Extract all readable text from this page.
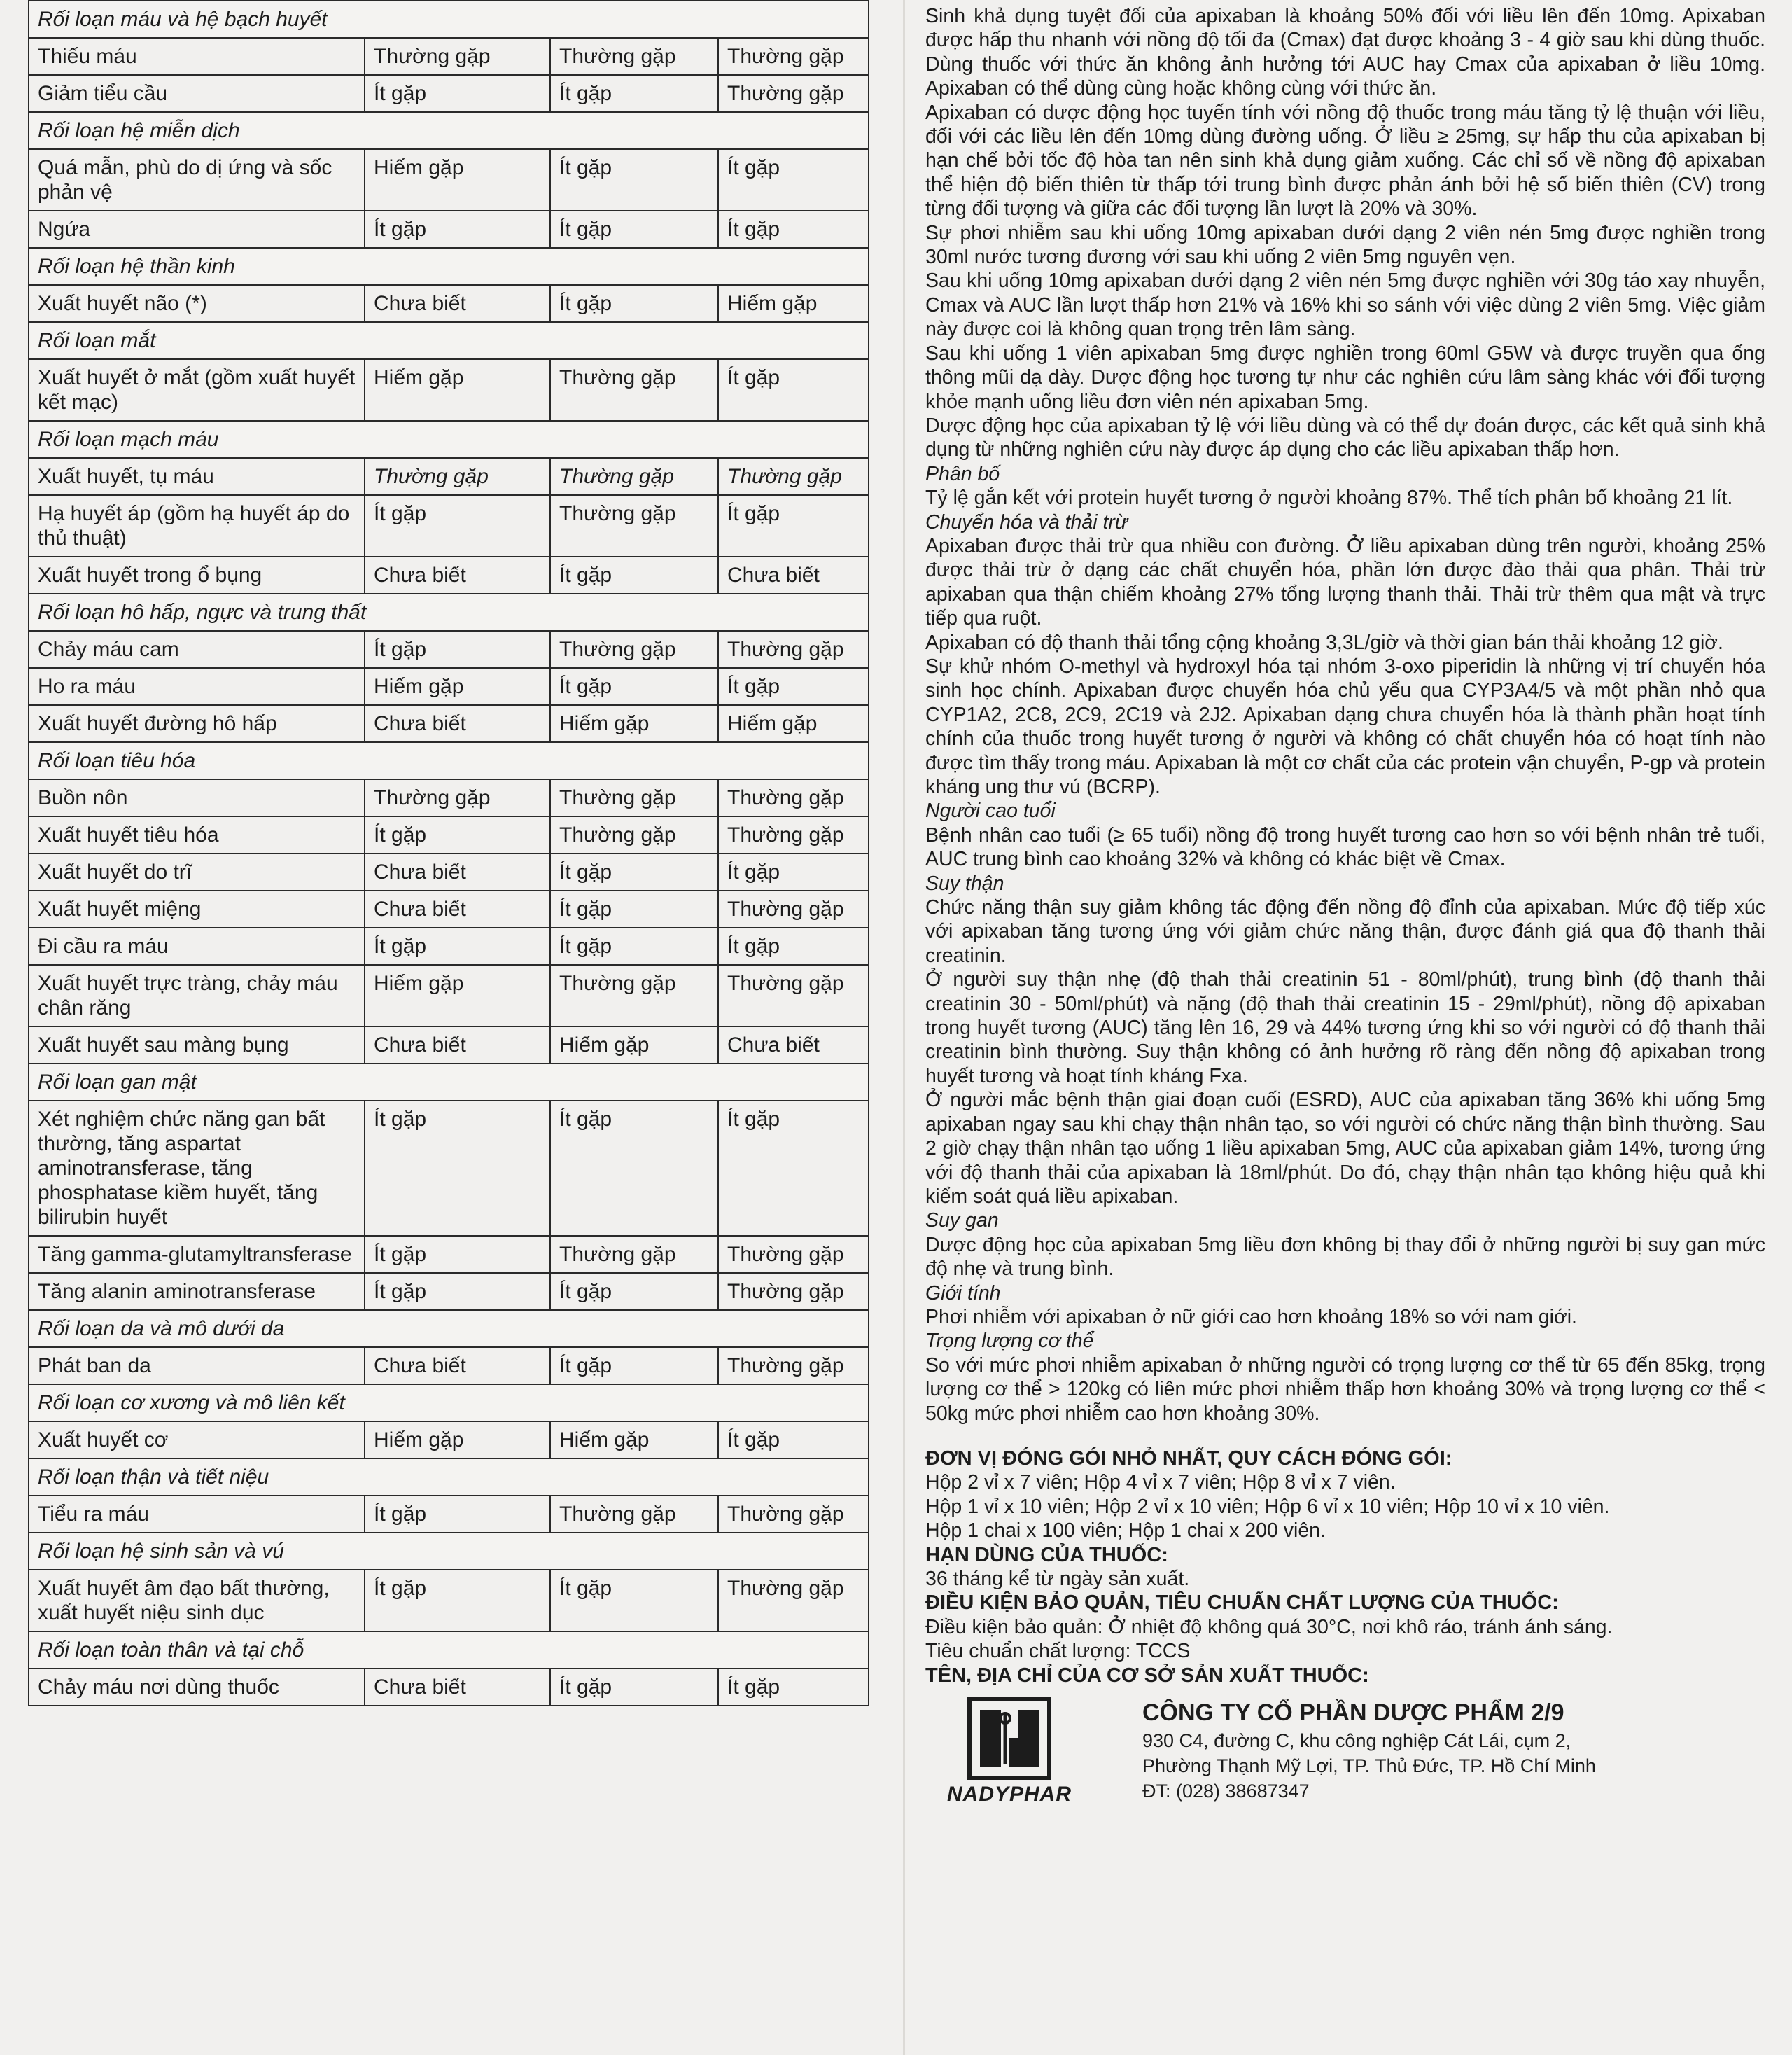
Rối loạn máu và hệ bạch huyết			
Thiếu máu	Thường gặp	Thường gặp	Thường gặp
Giảm tiểu cầu	Ít gặp	Ít gặp	Thường gặp
Rối loạn hệ miễn dịch			
Quá mẫn, phù do dị ứng và sốc phản vệ	Hiếm gặp	Ít gặp	Ít gặp
Ngứa	Ít gặp	Ít gặp	Ít gặp
Rối loạn hệ thần kinh			
Xuất huyết não (*)	Chưa biết	Ít gặp	Hiếm gặp
Rối loạn mắt			
Xuất huyết ở mắt (gồm xuất huyết kết mạc)	Hiếm gặp	Thường gặp	Ít gặp
Rối loạn mạch máu			
Xuất huyết, tụ máu	Thường gặp	Thường gặp	Thường gặp
Hạ huyết áp (gồm hạ huyết áp do thủ thuật)	Ít gặp	Thường gặp	Ít gặp
Xuất huyết trong ổ bụng	Chưa biết	Ít gặp	Chưa biết
Rối loạn hô hấp, ngực và trung thất			
Chảy máu cam	Ít gặp	Thường gặp	Thường gặp
Ho ra máu	Hiếm gặp	Ít gặp	Ít gặp
Xuất huyết đường hô hấp	Chưa biết	Hiếm gặp	Hiếm gặp
Rối loạn tiêu hóa			
Buồn nôn	Thường gặp	Thường gặp	Thường gặp
Xuất huyết tiêu hóa	Ít gặp	Thường gặp	Thường gặp
Xuất huyết do trĩ	Chưa biết	Ít gặp	Ít gặp
Xuất huyết miệng	Chưa biết	Ít gặp	Thường gặp
Đi cầu ra máu	Ít gặp	Ít gặp	Ít gặp
Xuất huyết trực tràng, chảy máu chân răng	Hiếm gặp	Thường gặp	Thường gặp
Xuất huyết sau màng bụng	Chưa biết	Hiếm gặp	Chưa biết
Rối loạn gan mật			
Xét nghiệm chức năng gan bất thường, tăng aspartat aminotransferase, tăng phosphatase kiềm huyết, tăng bilirubin huyết	Ít gặp	Ít gặp	Ít gặp
Tăng gamma-glutamyltransferase	Ít gặp	Thường gặp	Thường gặp
Tăng alanin aminotransferase	Ít gặp	Ít gặp	Thường gặp
Rối loạn da và mô dưới da			
Phát ban da	Chưa biết	Ít gặp	Thường gặp
Rối loạn cơ xương và mô liên kết			
Xuất huyết cơ	Hiếm gặp	Hiếm gặp	Ít gặp
Rối loạn thận và tiết niệu			
Tiểu ra máu	Ít gặp	Thường gặp	Thường gặp
Rối loạn hệ sinh sản và vú			
Xuất huyết âm đạo bất thường, xuất huyết niệu sinh dục	Ít gặp	Ít gặp	Thường gặp
Rối loạn toàn thân và tại chỗ			
Chảy máu nơi dùng thuốc	Chưa biết	Ít gặp	Ít gặp

Sinh khả dụng tuyệt đối của apixaban là khoảng 50% đối với liều lên đến 10mg. Apixaban được hấp thu nhanh với nồng độ tối đa (Cmax) đạt được khoảng 3 - 4 giờ sau khi dùng thuốc. Dùng thuốc với thức ăn không ảnh hưởng tới AUC hay Cmax của apixaban ở liều 10mg. Apixaban có thể dùng cùng hoặc không cùng với thức ăn.

Apixaban có dược động học tuyến tính với nồng độ thuốc trong máu tăng tỷ lệ thuận với liều, đối với các liều lên đến 10mg dùng đường uống. Ở liều ≥ 25mg, sự hấp thu của apixaban bị hạn chế bởi tốc độ hòa tan nên sinh khả dụng giảm xuống. Các chỉ số về nồng độ apixaban thể hiện độ biến thiên từ thấp tới trung bình được phản ánh bởi hệ số biến thiên (CV) trong từng đối tượng và giữa các đối tượng lần lượt là 20% và 30%.

Sự phơi nhiễm sau khi uống 10mg apixaban dưới dạng 2 viên nén 5mg được nghiền trong 30ml nước tương đương với sau khi uống 2 viên 5mg nguyên vẹn.

Sau khi uống 10mg apixaban dưới dạng 2 viên nén 5mg được nghiền với 30g táo xay nhuyễn, Cmax và AUC lần lượt thấp hơn 21% và 16% khi so sánh với việc dùng 2 viên 5mg. Việc giảm này được coi là không quan trọng trên lâm sàng.

Sau khi uống 1 viên apixaban 5mg được nghiền trong 60ml G5W và được truyền qua ống thông mũi dạ dày. Dược động học tương tự như các nghiên cứu lâm sàng khác với đối tượng khỏe mạnh uống liều đơn viên nén apixaban 5mg.

Dược động học của apixaban tỷ lệ với liều dùng và có thể dự đoán được, các kết quả sinh khả dụng từ những nghiên cứu này được áp dụng cho các liều apixaban thấp hơn.

Phân bố

Tỷ lệ gắn kết với protein huyết tương ở người khoảng 87%. Thể tích phân bố khoảng 21 lít.

Chuyển hóa và thải trừ

Apixaban được thải trừ qua nhiều con đường. Ở liều apixaban dùng trên người, khoảng 25% được thải trừ ở dạng các chất chuyển hóa, phần lớn được đào thải qua phân. Thải trừ apixaban qua thận chiếm khoảng 27% tổng lượng thanh thải. Thải trừ thêm qua mật và trực tiếp qua ruột.

Apixaban có độ thanh thải tổng cộng khoảng 3,3L/giờ và thời gian bán thải khoảng 12 giờ.

Sự khử nhóm O-methyl và hydroxyl hóa tại nhóm 3-oxo piperidin là những vị trí chuyển hóa sinh học chính. Apixaban được chuyển hóa chủ yếu qua CYP3A4/5 và một phần nhỏ qua CYP1A2, 2C8, 2C9, 2C19 và 2J2. Apixaban dạng chưa chuyển hóa là thành phần hoạt tính chính của thuốc trong huyết tương ở người và không có chất chuyển hóa có hoạt tính nào được tìm thấy trong máu. Apixaban là một cơ chất của các protein vận chuyển, P-gp và protein kháng ung thư vú (BCRP).

Người cao tuổi

Bệnh nhân cao tuổi (≥ 65 tuổi) nồng độ trong huyết tương cao hơn so với bệnh nhân trẻ tuổi, AUC trung bình cao khoảng 32% và không có khác biệt về Cmax.

Suy thận

Chức năng thận suy giảm không tác động đến nồng độ đỉnh của apixaban. Mức độ tiếp xúc với apixaban tăng tương ứng với giảm chức năng thận, được đánh giá qua độ thanh thải creatinin.

Ở người suy thận nhẹ (độ thah thải creatinin 51 - 80ml/phút), trung bình (độ thanh thải creatinin 30 - 50ml/phút) và nặng (độ thah thải creatinin 15 - 29ml/phút), nồng độ apixaban trong huyết tương (AUC) tăng lên 16, 29 và 44% tương ứng khi so với người có độ thanh thải creatinin bình thường. Suy thận không có ảnh hưởng rõ ràng đến nồng độ apixaban trong huyết tương và hoạt tính kháng Fxa.

Ở người mắc bệnh thận giai đoạn cuối (ESRD), AUC của apixaban tăng 36% khi uống 5mg apixaban ngay sau khi chạy thận nhân tạo, so với người có chức năng thận bình thường. Sau 2 giờ chạy thận nhân tạo uống 1 liều apixaban 5mg, AUC của apixaban giảm 14%, tương ứng với độ thanh thải của apixaban là 18ml/phút. Do đó, chạy thận nhân tạo không hiệu quả khi kiểm soát quá liều apixaban.

Suy gan

Dược động học của apixaban 5mg liều đơn không bị thay đổi ở những người bị suy gan mức độ nhẹ và trung bình.

Giới tính

Phơi nhiễm với apixaban ở nữ giới cao hơn khoảng 18% so với nam giới.

Trọng lượng cơ thể

So với mức phơi nhiễm apixaban ở những người có trọng lượng cơ thể từ 65 đến 85kg, trọng lượng cơ thể > 120kg có liên mức phơi nhiễm thấp hơn khoảng 30% và trọng lượng cơ thể < 50kg mức phơi nhiễm cao hơn khoảng 30%.

ĐƠN VỊ ĐÓNG GÓI NHỎ NHẤT, QUY CÁCH ĐÓNG GÓI:

Hộp 2 vỉ x 7 viên; Hộp 4 vỉ x 7 viên; Hộp 8 vỉ x 7 viên.

Hộp 1 vỉ x 10 viên; Hộp 2 vỉ x 10 viên; Hộp 6 vỉ x 10 viên; Hộp 10 vỉ x 10 viên.

Hộp 1 chai x 100 viên; Hộp 1 chai x 200 viên.

HẠN DÙNG CỦA THUỐC:

36 tháng kể từ ngày sản xuất.

ĐIỀU KIỆN BẢO QUẢN, TIÊU CHUẨN CHẤT LƯỢNG CỦA THUỐC:

Điều kiện bảo quản: Ở nhiệt độ không quá 30°C, nơi khô ráo, tránh ánh sáng.

Tiêu chuẩn chất lượng: TCCS

TÊN, ĐỊA CHỈ CỦA CƠ SỞ SẢN XUẤT THUỐC:

NADYPHAR

CÔNG TY CỔ PHẦN DƯỢC PHẨM 2/9

930 C4, đường C, khu công nghiệp Cát Lái, cụm 2,

Phường Thạnh Mỹ Lợi, TP. Thủ Đức, TP. Hồ Chí Minh

ĐT: (028) 38687347
